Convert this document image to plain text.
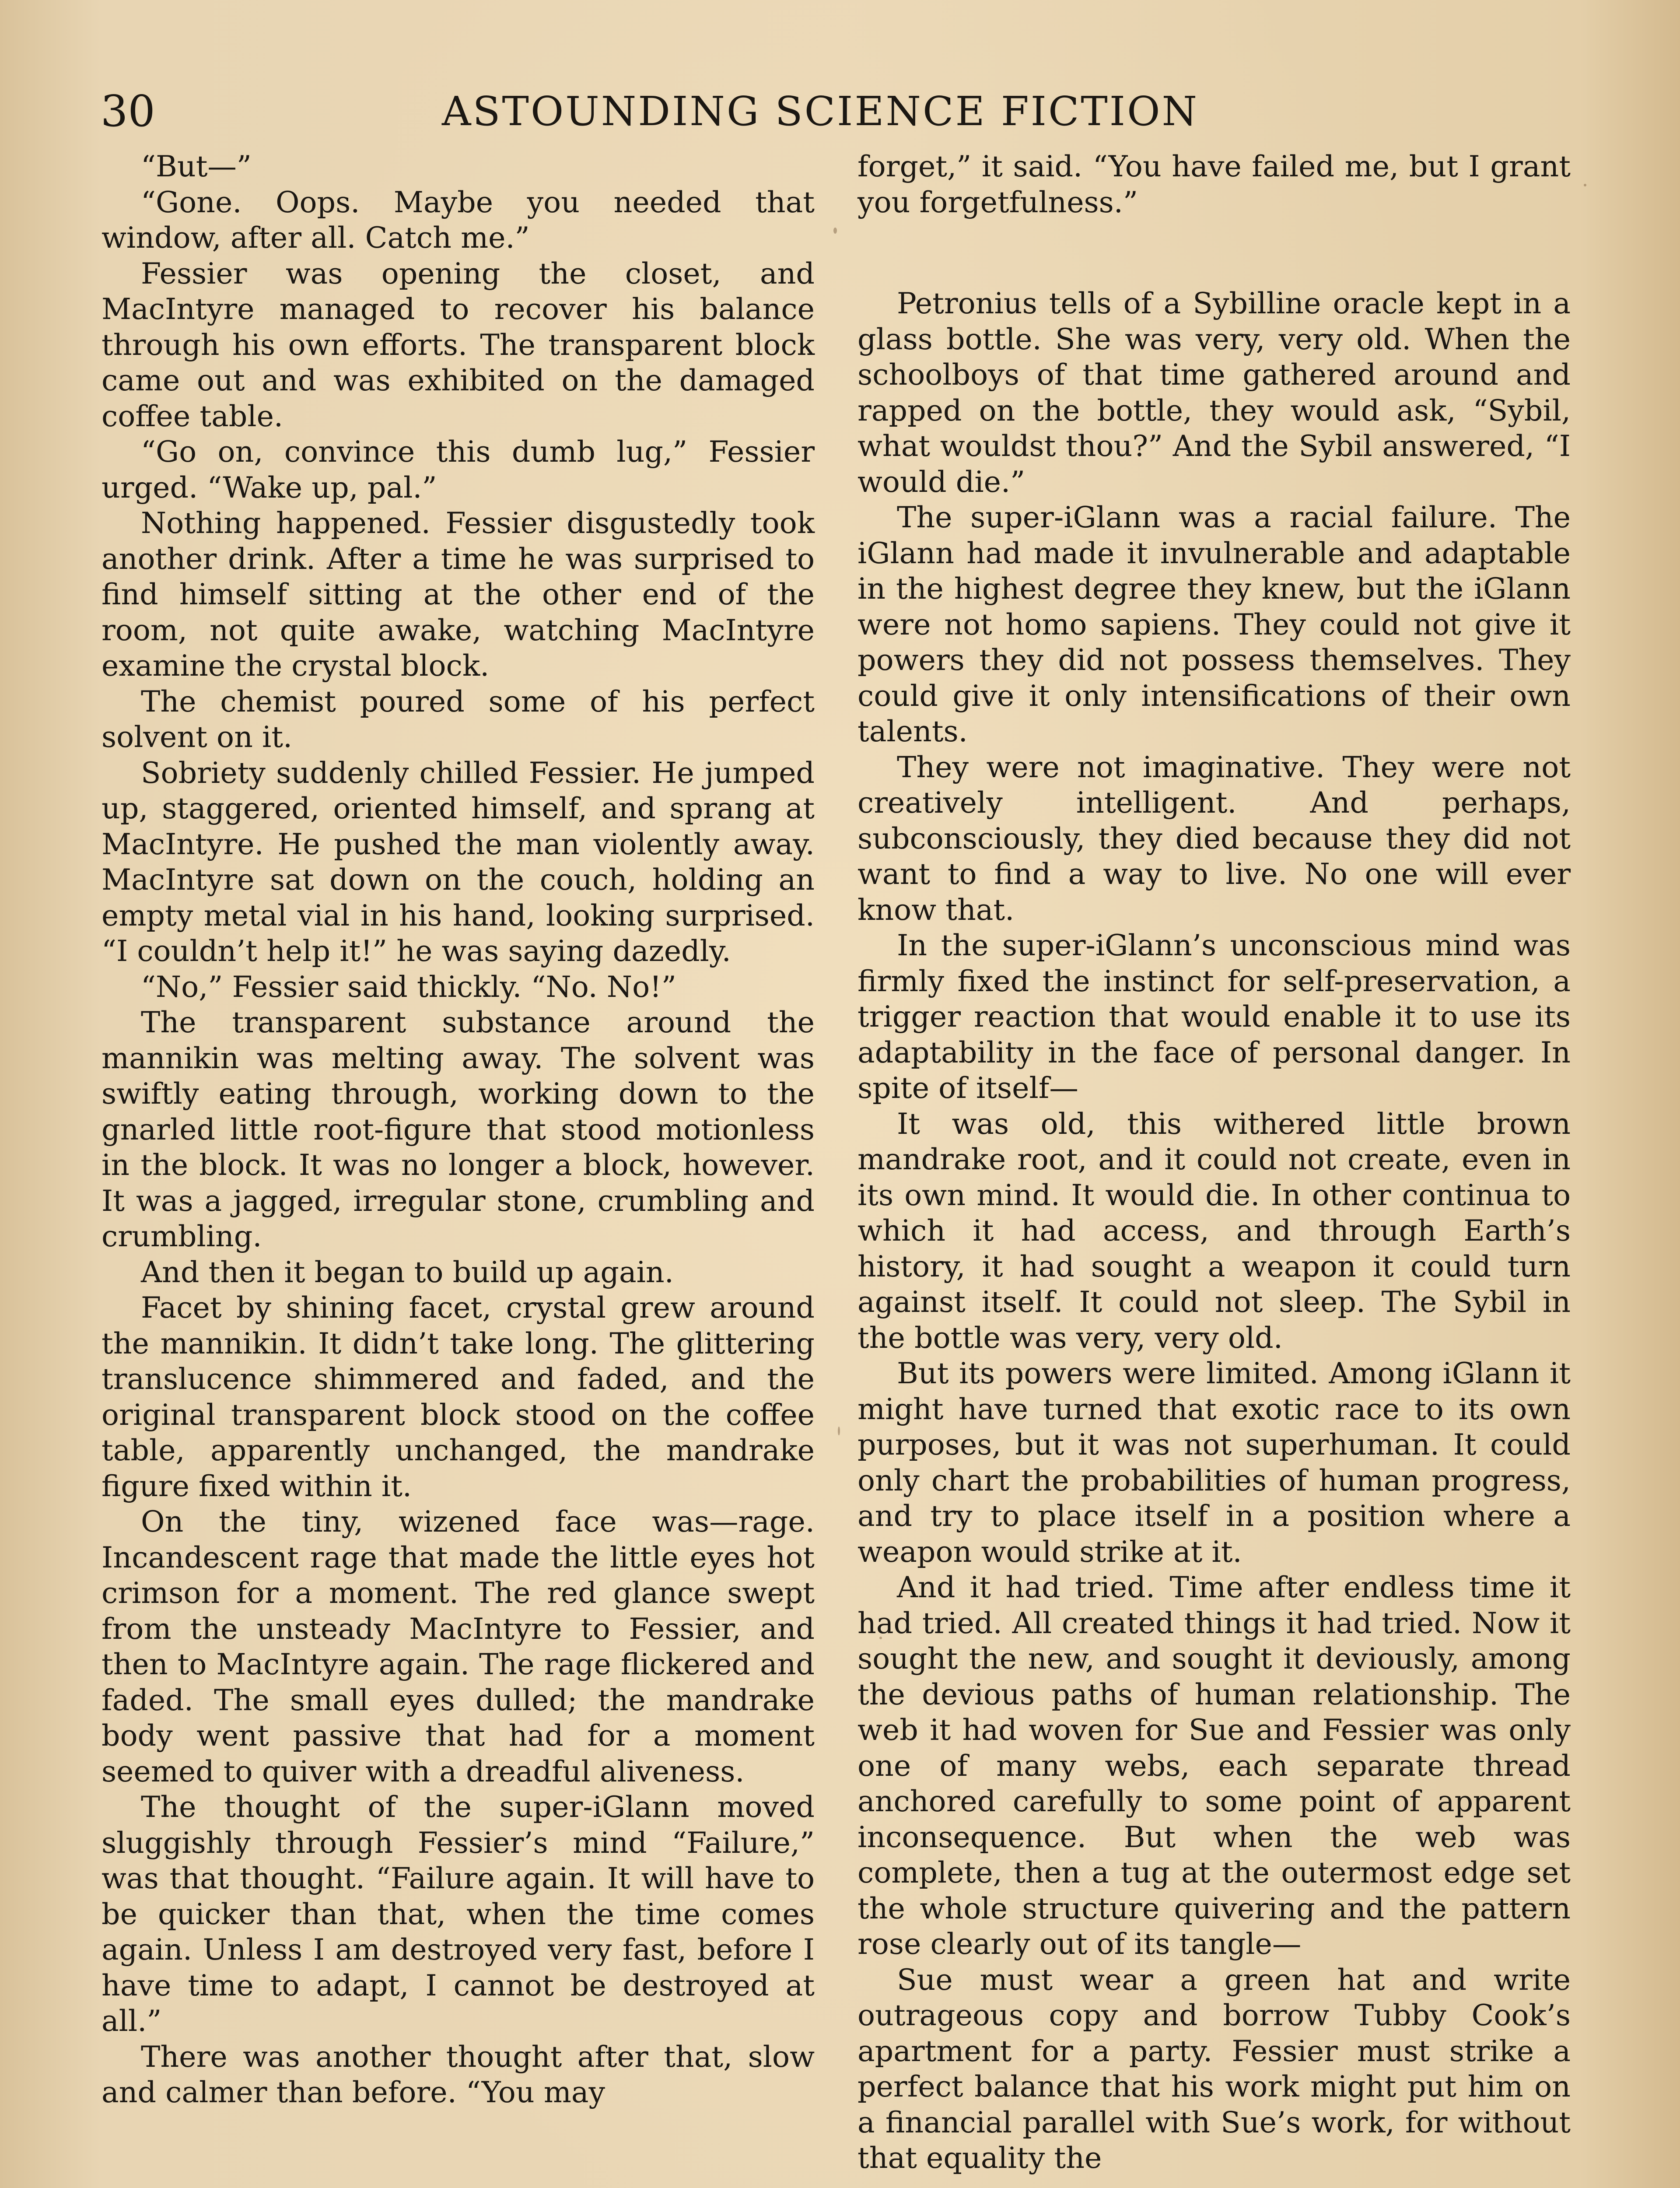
30	ASTOUNDING SCIENCE FICTION

“But—”

“Gone. Oops. Maybe you needed that window, after all. Catch me.”

Fessier was opening the closet, and MacIntyre managed to recover his balance through his own efforts. The transparent block came out and was exhibited on the damaged coffee table.

“Go on, convince this dumb lug,” Fessier urged. “Wake up, pal.”

Nothing happened. Fessier disgustedly took another drink. After a time he was surprised to find himself sitting at the other end of the room, not quite awake, watching MacIntyre examine the crystal block.

The chemist poured some of his perfect solvent on it.

Sobriety suddenly chilled Fessier. He jumped up, staggered, oriented himself, and sprang at MacIntyre. He pushed the man violently away. MacIntyre sat down on the couch, holding an empty metal vial in his hand, looking surprised. “I couldn’t help it!” he was saying dazedly.

“No,” Fessier said thickly. “No. No!”

The transparent substance around the mannikin was melting away. The solvent was swiftly eating through, working down to the gnarled little root-figure that stood motionless in the block. It was no longer a block, however. It was a jagged, irregular stone, crumbling and crumbling.

And then it began to build up again.

Facet by shining facet, crystal grew around the mannikin. It didn’t take long. The glittering translucence shimmered and faded, and the original transparent block stood on the coffee table, apparently unchanged, the mandrake figure fixed within it.

On the tiny, wizened face was—rage. Incandescent rage that made the little eyes hot crimson for a moment. The red glance swept from the unsteady MacIntyre to Fessier, and then to MacIntyre again. The rage flickered and faded. The small eyes dulled; the mandrake body went passive that had for a moment seemed to quiver with a dreadful aliveness.

The thought of the super-iGlann moved sluggishly through Fessier’s mind “Failure,” was that thought. “Failure again. It will have to be quicker than that, when the time comes again. Unless I am destroyed very fast, before I have time to adapt, I cannot be destroyed at all.”

There was another thought after that, slow and calmer than before. “You may

forget,” it said. “You have failed me, but I grant you forgetfulness.”

Petronius tells of a Sybilline oracle kept in a glass bottle. She was very, very old. When the schoolboys of that time gathered around and rapped on the bottle, they would ask, “Sybil, what wouldst thou?” And the Sybil answered, “I would die.”

The super-iGlann was a racial failure. The iGlann had made it invulnerable and adaptable in the highest degree they knew, but the iGlann were not homo sapiens. They could not give it powers they did not possess themselves. They could give it only intensifications of their own talents.

They were not imaginative. They were not creatively intelligent. And perhaps, subconsciously, they died because they did not want to find a way to live. No one will ever know that.

In the super-iGlann’s unconscious mind was firmly fixed the instinct for self-preservation, a trigger reaction that would enable it to use its adaptability in the face of personal danger. In spite of itself—

It was old, this withered little brown mandrake root, and it could not create, even in its own mind. It would die. In other continua to which it had access, and through Earth’s history, it had sought a weapon it could turn against itself. It could not sleep. The Sybil in the bottle was very, very old.

But its powers were limited. Among iGlann it might have turned that exotic race to its own purposes, but it was not superhuman. It could only chart the probabilities of human progress, and try to place itself in a position where a weapon would strike at it.

And it had tried. Time after endless time it had tried. All created things it had tried. Now it sought the new, and sought it deviously, among the devious paths of human relationship. The web it had woven for Sue and Fessier was only one of many webs, each separate thread anchored carefully to some point of apparent inconsequence. But when the web was complete, then a tug at the outermost edge set the whole structure quivering and the pattern rose clearly out of its tangle—

Sue must wear a green hat and write outrageous copy and borrow Tubby Cook’s apartment for a party. Fessier must strike a perfect balance that his work might put him on a financial parallel with Sue’s work, for without that equality the
